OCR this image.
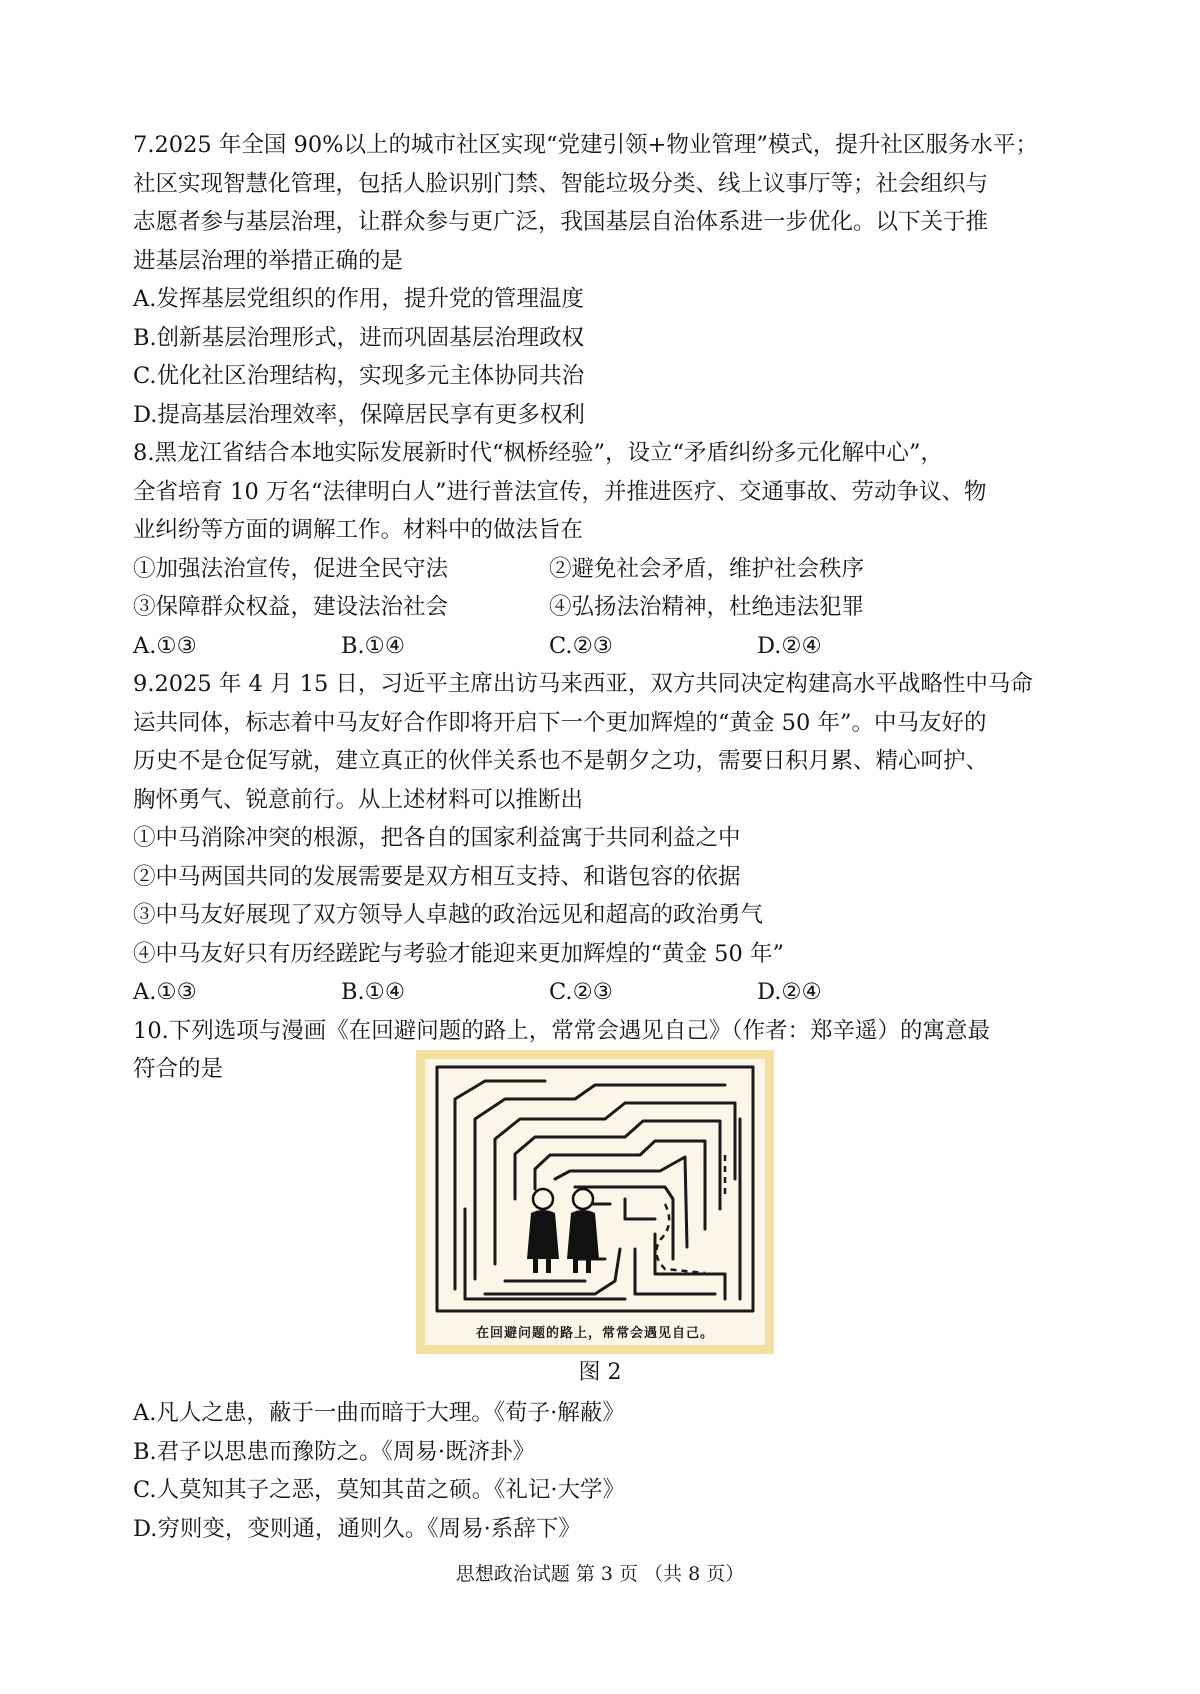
7.2025 年全国 90%以上的城市社区实现“党建引领+物业管理”模式，提升社区服务水平；
社区实现智慧化管理，包括人脸识别门禁、智能垃圾分类、线上议事厅等；社会组织与
志愿者参与基层治理，让群众参与更广泛，我国基层自治体系进一步优化。以下关于推
进基层治理的举措正确的是
A.发挥基层党组织的作用，提升党的管理温度
B.创新基层治理形式，进而巩固基层治理政权
C.优化社区治理结构，实现多元主体协同共治
D.提高基层治理效率，保障居民享有更多权利
8.黑龙江省结合本地实际发展新时代“枫桥经验”，设立“矛盾纠纷多元化解中心”，
全省培育 10 万名“法律明白人”进行普法宣传，并推进医疗、交通事故、劳动争议、物
业纠纷等方面的调解工作。材料中的做法旨在
①加强法治宣传，促进全民守法	②避免社会矛盾，维护社会秩序
③保障群众权益，建设法治社会	④弘扬法治精神，杜绝违法犯罪
A.①③	B.①④	C.②③	D.②④
9.2025 年 4 月 15 日，习近平主席出访马来西亚，双方共同决定构建高水平战略性中马命
运共同体，标志着中马友好合作即将开启下一个更加辉煌的“黄金 50 年”。中马友好的
历史不是仓促写就，建立真正的伙伴关系也不是朝夕之功，需要日积月累、精心呵护、
胸怀勇气、锐意前行。从上述材料可以推断出
①中马消除冲突的根源，把各自的国家利益寓于共同利益之中
②中马两国共同的发展需要是双方相互支持、和谐包容的依据
③中马友好展现了双方领导人卓越的政治远见和超高的政治勇气
④中马友好只有历经蹉跎与考验才能迎来更加辉煌的“黄金 50 年”
A.①③	B.①④	C.②③	D.②④
10.下列选项与漫画《在回避问题的路上，常常会遇见自己》（作者：郑辛遥）的寓意最
符合的是
在回避问题的路上，常常会遇见自己。
图 2
A.凡人之患，蔽于一曲而暗于大理。《荀子·解蔽》
B.君子以思患而豫防之。《周易·既济卦》
C.人莫知其子之恶，莫知其苗之硕。《礼记·大学》
D.穷则变，变则通，通则久。《周易·系辞下》
思想政治试题 第 3 页 （共 8 页）
